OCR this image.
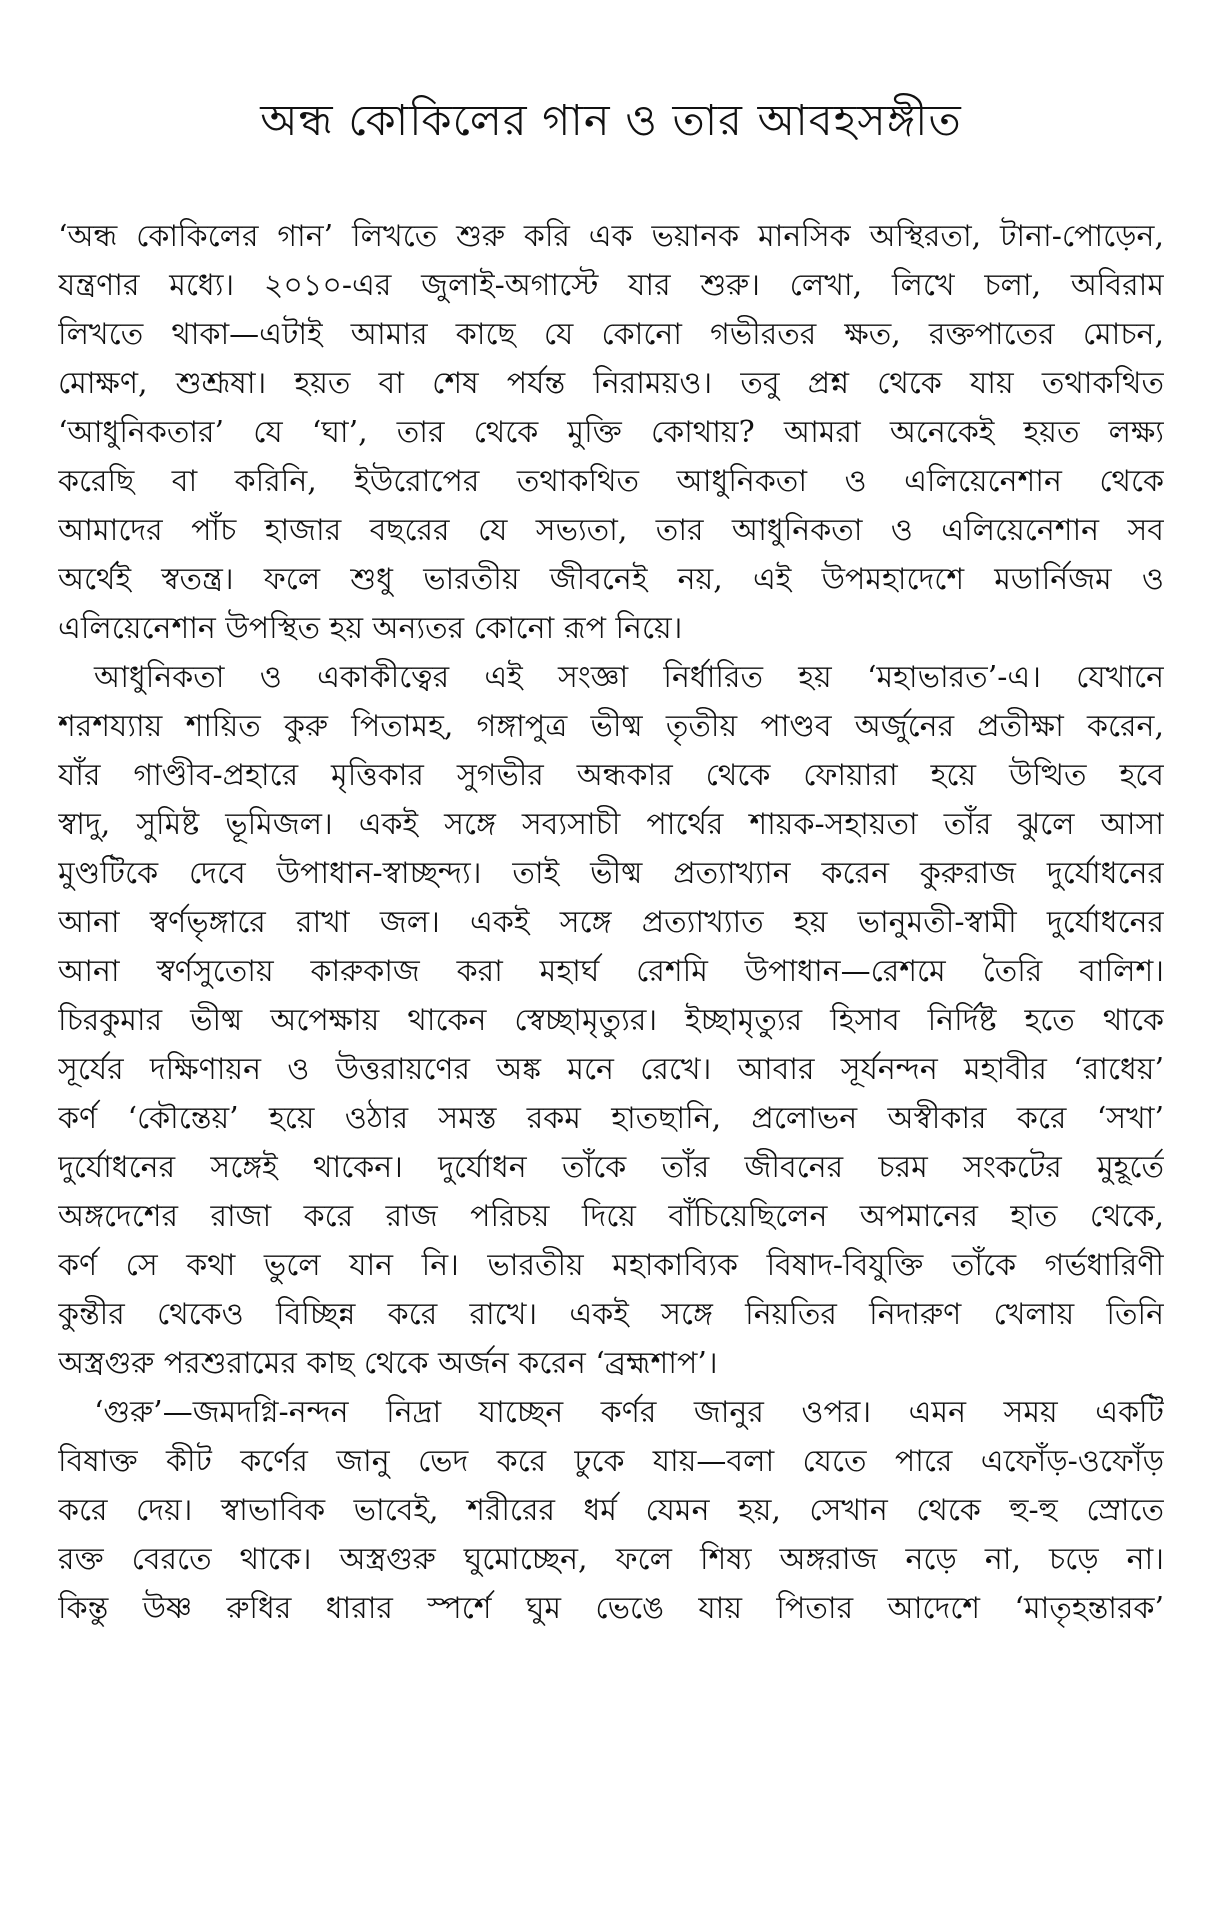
অন্ধ কোকিলের গান ও তার আবহসঙ্গীত

‘অন্ধ কোকিলের গান’ লিখতে শুরু করি এক ভয়ানক মানসিক অস্থিরতা, টানা-পোড়েন,
যন্ত্রণার মধ্যে। ২০১০-এর জুলাই-অগাস্টে যার শুরু। লেখা, লিখে চলা, অবিরাম
লিখতে থাকা—এটাই আমার কাছে যে কোনো গভীরতর ক্ষত, রক্তপাতের মোচন,
মোক্ষণ, শুশ্রূষা। হয়ত বা শেষ পর্যন্ত নিরাময়ও। তবু প্রশ্ন থেকে যায় তথাকথিত
‘আধুনিকতার’ যে ‘ঘা’, তার থেকে মুক্তি কোথায়? আমরা অনেকেই হয়ত লক্ষ্য
করেছি বা করিনি, ইউরোপের তথাকথিত আধুনিকতা ও এলিয়েনেশান থেকে
আমাদের পাঁচ হাজার বছরের যে সভ্যতা, তার আধুনিকতা ও এলিয়েনেশান সব
অর্থেই স্বতন্ত্র। ফলে শুধু ভারতীয় জীবনেই নয়, এই উপমহাদেশে মডার্নিজম ও
এলিয়েনেশান উপস্থিত হয় অন্যতর কোনো রূপ নিয়ে।

আধুনিকতা ও একাকীত্বের এই সংজ্ঞা নির্ধারিত হয় ‘মহাভারত’-এ। যেখানে
শরশয্যায় শায়িত কুরু পিতামহ, গঙ্গাপুত্র ভীষ্ম তৃতীয় পাণ্ডব অর্জুনের প্রতীক্ষা করেন,
যাঁর গাণ্ডীব-প্রহারে মৃত্তিকার সুগভীর অন্ধকার থেকে ফোয়ারা হয়ে উত্থিত হবে
স্বাদু, সুমিষ্ট ভূমিজল। একই সঙ্গে সব্যসাচী পার্থের শায়ক-সহায়তা তাঁর ঝুলে আসা
মুণ্ডটিকে দেবে উপাধান-স্বাচ্ছন্দ্য। তাই ভীষ্ম প্রত্যাখ্যান করেন কুরুরাজ দুর্যোধনের
আনা স্বর্ণভৃঙ্গারে রাখা জল। একই সঙ্গে প্রত্যাখ্যাত হয় ভানুমতী-স্বামী দুর্যোধনের
আনা স্বর্ণসুতোয় কারুকাজ করা মহার্ঘ রেশমি উপাধান—রেশমে তৈরি বালিশ।
চিরকুমার ভীষ্ম অপেক্ষায় থাকেন স্বেচ্ছামৃত্যুর। ইচ্ছামৃত্যুর হিসাব নির্দিষ্ট হতে থাকে
সূর্যের দক্ষিণায়ন ও উত্তরায়ণের অঙ্ক মনে রেখে। আবার সূর্যনন্দন মহাবীর ‘রাধেয়’
কর্ণ ‘কৌন্তেয়’ হয়ে ওঠার সমস্ত রকম হাতছানি, প্রলোভন অস্বীকার করে ‘সখা’
দুর্যোধনের সঙ্গেই থাকেন। দুর্যোধন তাঁকে তাঁর জীবনের চরম সংকটের মুহূর্তে
অঙ্গদেশের রাজা করে রাজ পরিচয় দিয়ে বাঁচিয়েছিলেন অপমানের হাত থেকে,
কর্ণ সে কথা ভুলে যান নি। ভারতীয় মহাকাব্যিক বিষাদ-বিযুক্তি তাঁকে গর্ভধারিণী
কুন্তীর থেকেও বিচ্ছিন্ন করে রাখে। একই সঙ্গে নিয়তির নিদারুণ খেলায় তিনি
অস্ত্রগুরু পরশুরামের কাছ থেকে অর্জন করেন ‘ব্রহ্মশাপ’।

‘গুরু’—জমদগ্নি-নন্দন নিদ্রা যাচ্ছেন কর্ণর জানুর ওপর। এমন সময় একটি
বিষাক্ত কীট কর্ণের জানু ভেদ করে ঢুকে যায়—বলা যেতে পারে এফোঁড়-ওফোঁড়
করে দেয়। স্বাভাবিক ভাবেই, শরীরের ধর্ম যেমন হয়, সেখান থেকে হু-হু স্রোতে
রক্ত বেরতে থাকে। অস্ত্রগুরু ঘুমোচ্ছেন, ফলে শিষ্য অঙ্গরাজ নড়ে না, চড়ে না।
কিন্তু উষ্ণ রুধির ধারার স্পর্শে ঘুম ভেঙে যায় পিতার আদেশে ‘মাতৃহন্তারক’
